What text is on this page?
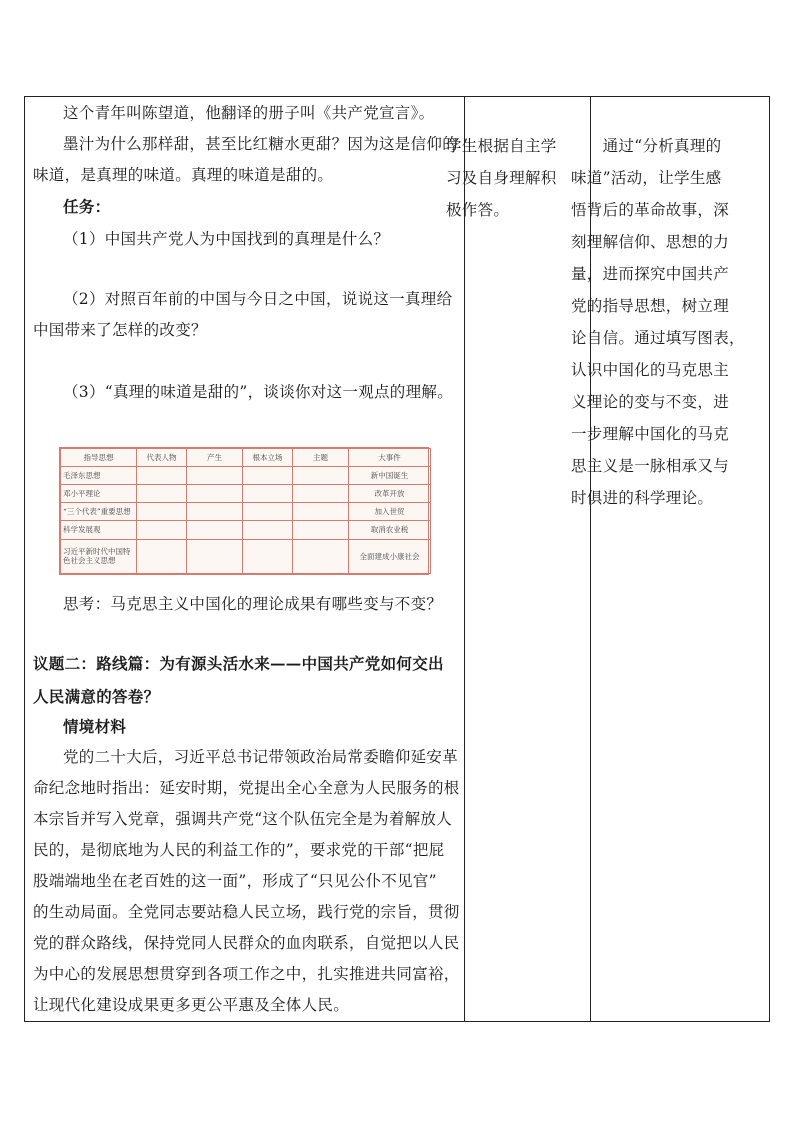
这个青年叫陈望道，他翻译的册子叫《共产党宣言》。
墨汁为什么那样甜，甚至比红糖水更甜？因为这是信仰的
味道，是真理的味道。真理的味道是甜的。
任务：
（1）中国共产党人为中国找到的真理是什么？
（2）对照百年前的中国与今日之中国，说说这一真理给
中国带来了怎样的改变？
（3）“真理的味道是甜的”，谈谈你对这一观点的理解。
指导思想	代表人物	产生	根本立场	主题	大事件
毛泽东思想					新中国诞生
邓小平理论					改革开放
“三个代表”重要思想					加入世贸
科学发展观					取消农业税
习近平新时代中国特色社会主义思想					全面建成小康社会
思考：马克思主义中国化的理论成果有哪些变与不变？
议题二：路线篇：为有源头活水来——中国共产党如何交出
人民满意的答卷？
情境材料
党的二十大后，习近平总书记带领政治局常委瞻仰延安革
命纪念地时指出：延安时期，党提出全心全意为人民服务的根
本宗旨并写入党章，强调共产党“这个队伍完全是为着解放人
民的，是彻底地为人民的利益工作的”，要求党的干部“把屁
股端端地坐在老百姓的这一面”，形成了“只见公仆不见官”
的生动局面。全党同志要站稳人民立场，践行党的宗旨，贯彻
党的群众路线，保持党同人民群众的血肉联系，自觉把以人民
为中心的发展思想贯穿到各项工作之中，扎实推进共同富裕，
让现代化建设成果更多更公平惠及全体人民。
学生根据自主学
习及自身理解积
极作答。
　　通过“分析真理的
味道”活动，让学生感
悟背后的革命故事，深
刻理解信仰、思想的力
量，进而探究中国共产
党的指导思想，树立理
论自信。通过填写图表，
认识中国化的马克思主
义理论的变与不变，进
一步理解中国化的马克
思主义是一脉相承又与
时俱进的科学理论。
